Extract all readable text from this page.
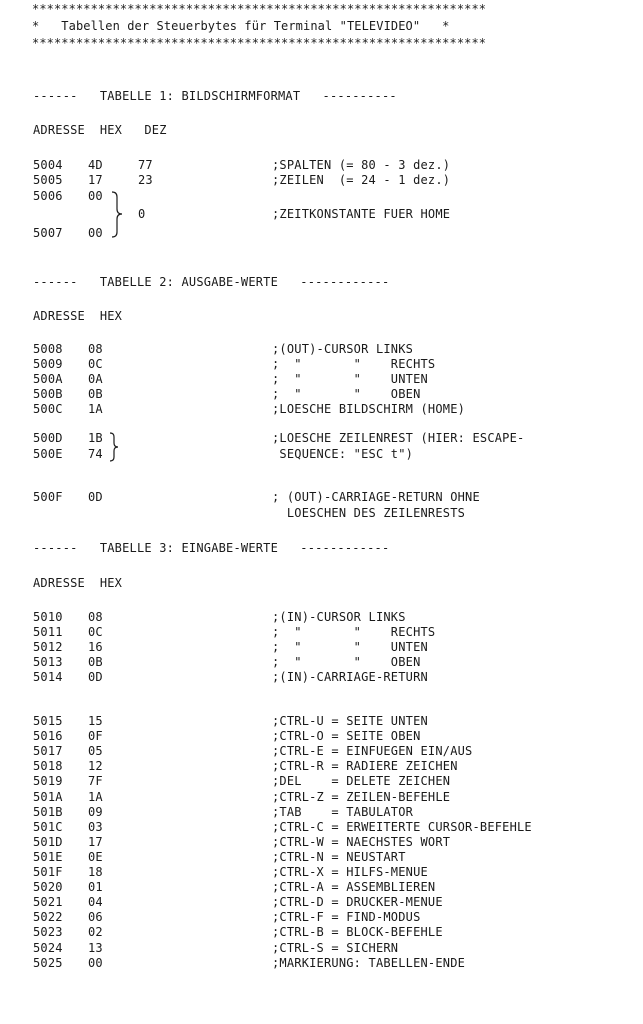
**************************************************************
*   Tabellen der Steuerbytes für Terminal "TELEVIDEO"   *
**************************************************************
------   TABELLE 1: BILDSCHIRMFORMAT   ----------
ADRESSE  HEX   DEZ
5004 4D	77	;SPALTEN (= 80 - 3 dez.)
5005 17	23	;ZEILEN  (= 24 - 1 dez.)
5006 00
5007 00
0	;ZEITKONSTANTE FUER HOME
------   TABELLE 2: AUSGABE-WERTE   ------------
ADRESSE  HEX
5008 08	;(OUT)-CURSOR LINKS
5009 0C	;  "       "    RECHTS
500A 0A	;  "       "    UNTEN
500B 0B	;  "       "    OBEN
500C 1A	;LOESCHE BILDSCHIRM (HOME)
500D 1B
500E 74
;LOESCHE ZEILENREST (HIER: ESCAPE-
SEQUENCE: "ESC t")
500F 0D	; (OUT)-CARRIAGE-RETURN OHNE
LOESCHEN DES ZEILENRESTS
------   TABELLE 3: EINGABE-WERTE   ------------
ADRESSE  HEX
5010 08	;(IN)-CURSOR LINKS
5011 0C	;  "       "    RECHTS
5012 16	;  "       "    UNTEN
5013 0B	;  "       "    OBEN
5014 0D	;(IN)-CARRIAGE-RETURN
5015 15	;CTRL-U = SEITE UNTEN
5016 0F	;CTRL-O = SEITE OBEN
5017 05	;CTRL-E = EINFUEGEN EIN/AUS
5018 12	;CTRL-R = RADIERE ZEICHEN
5019 7F	;DEL    = DELETE ZEICHEN
501A 1A	;CTRL-Z = ZEILEN-BEFEHLE
501B 09	;TAB    = TABULATOR
501C 03	;CTRL-C = ERWEITERTE CURSOR-BEFEHLE
501D 17	;CTRL-W = NAECHSTES WORT
501E 0E	;CTRL-N = NEUSTART
501F 18	;CTRL-X = HILFS-MENUE
5020 01	;CTRL-A = ASSEMBLIEREN
5021 04	;CTRL-D = DRUCKER-MENUE
5022 06	;CTRL-F = FIND-MODUS
5023 02	;CTRL-B = BLOCK-BEFEHLE
5024 13	;CTRL-S = SICHERN
5025 00	;MARKIERUNG: TABELLEN-ENDE
